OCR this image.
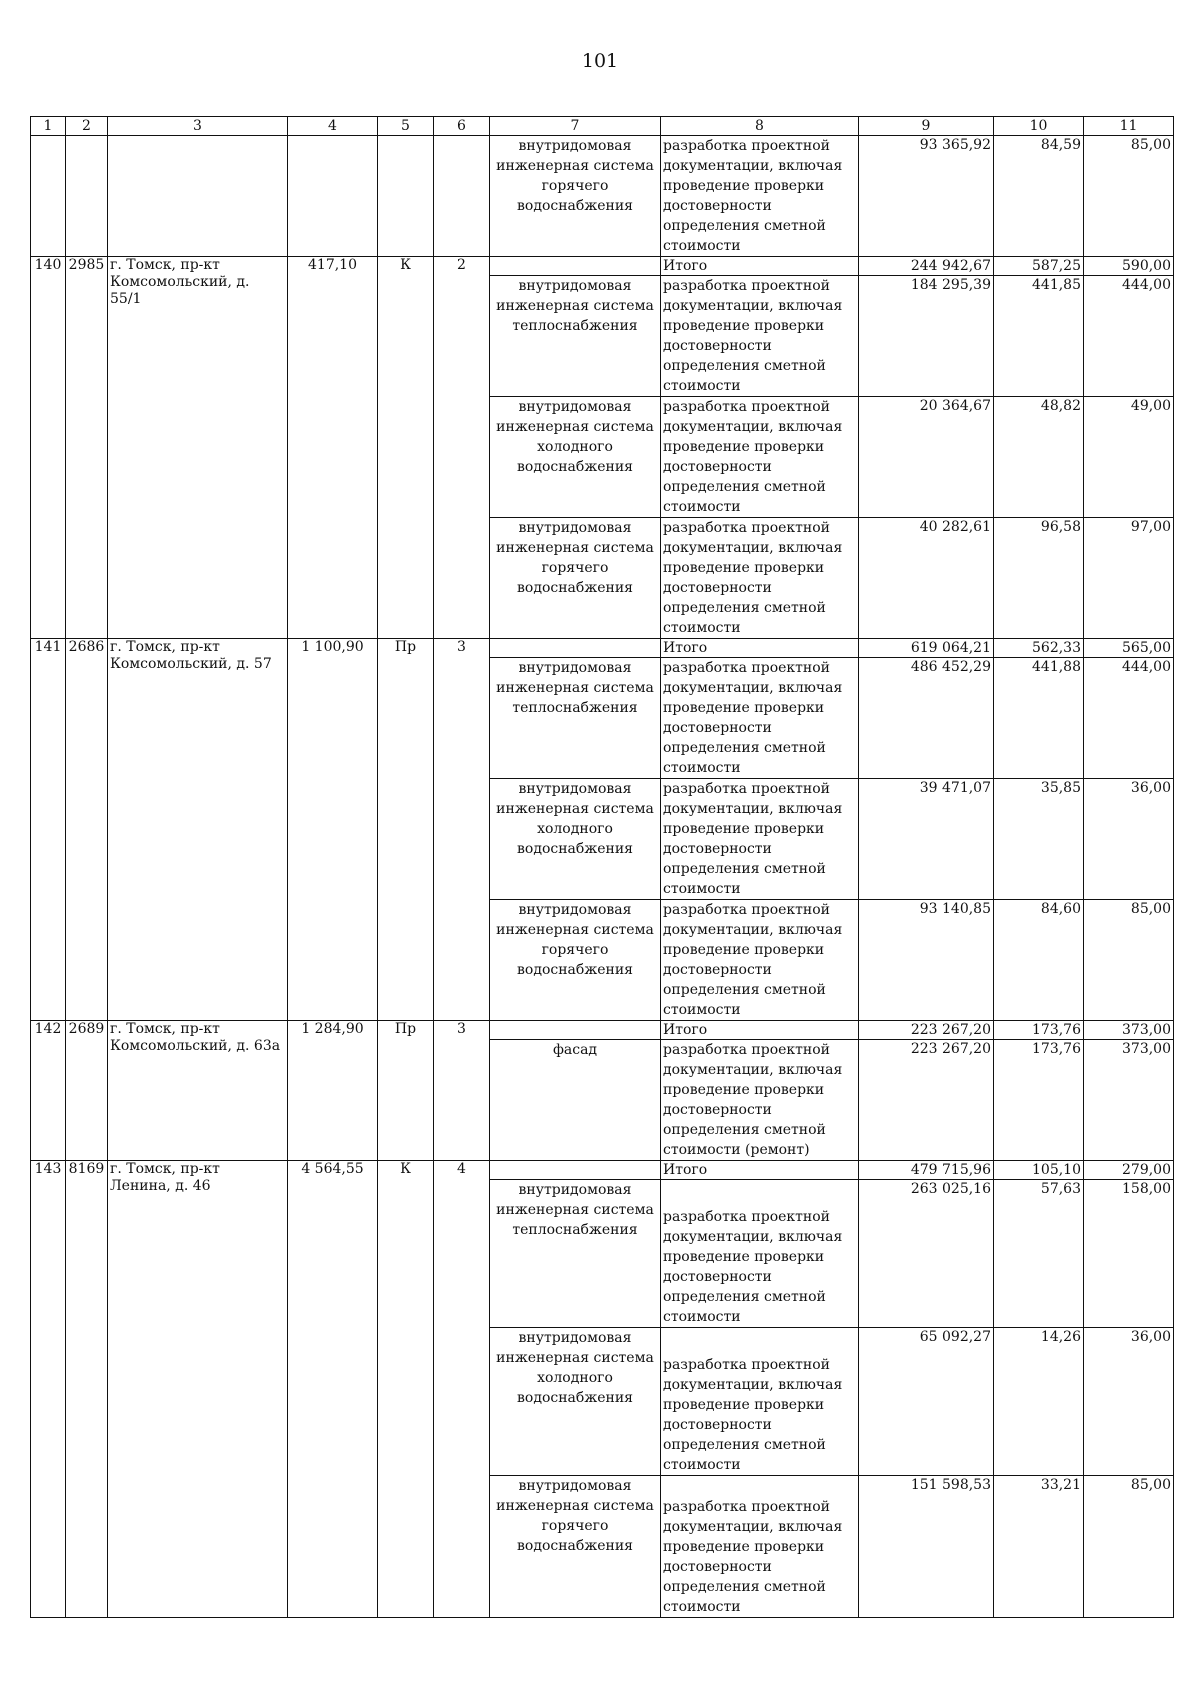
101
1	2	3	4	5	6	7	8	9	10	11
						внутридомовая инженерная система горячего водоснабжения	разработка проектной документации, включая проведение проверки достоверности определения сметной стоимости	93 365,92	84,59	85,00
140	2985	г. Томск, пр-кт Комсомольский, д. 55/1	417,10	К	2		Итого	244 942,67	587,25	590,00
						внутридомовая инженерная система теплоснабжения	разработка проектной документации, включая проведение проверки достоверности определения сметной стоимости	184 295,39	441,85	444,00
						внутридомовая инженерная система холодного водоснабжения	разработка проектной документации, включая проведение проверки достоверности определения сметной стоимости	20 364,67	48,82	49,00
						внутридомовая инженерная система горячего водоснабжения	разработка проектной документации, включая проведение проверки достоверности определения сметной стоимости	40 282,61	96,58	97,00
141	2686	г. Томск, пр-кт Комсомольский, д. 57	1 100,90	Пр	3		Итого	619 064,21	562,33	565,00
						внутридомовая инженерная система теплоснабжения	разработка проектной документации, включая проведение проверки достоверности определения сметной стоимости	486 452,29	441,88	444,00
						внутридомовая инженерная система холодного водоснабжения	разработка проектной документации, включая проведение проверки достоверности определения сметной стоимости	39 471,07	35,85	36,00
						внутридомовая инженерная система горячего водоснабжения	разработка проектной документации, включая проведение проверки достоверности определения сметной стоимости	93 140,85	84,60	85,00
142	2689	г. Томск, пр-кт Комсомольский, д. 63а	1 284,90	Пр	3		Итого	223 267,20	173,76	373,00
						фасад	разработка проектной документации, включая проведение проверки достоверности определения сметной стоимости (ремонт)	223 267,20	173,76	373,00
143	8169	г. Томск, пр-кт Ленина, д. 46	4 564,55	К	4		Итого	479 715,96	105,10	279,00
						внутридомовая инженерная система теплоснабжения	разработка проектной документации, включая проведение проверки достоверности определения сметной стоимости	263 025,16	57,63	158,00
						внутридомовая инженерная система холодного водоснабжения	разработка проектной документации, включая проведение проверки достоверности определения сметной стоимости	65 092,27	14,26	36,00
						внутридомовая инженерная система горячего водоснабжения	разработка проектной документации, включая проведение проверки достоверности определения сметной стоимости	151 598,53	33,21	85,00
